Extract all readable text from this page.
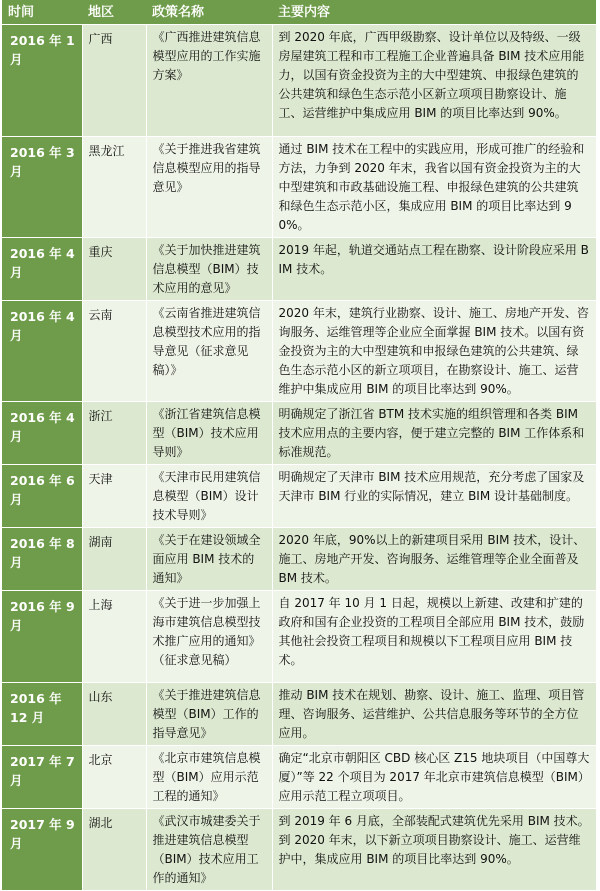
时间	地区	政策名称	主要内容
2016 年 1 月	广西	《广西推进建筑信息模型应用的工作实施方案》	到 2020 年底，广西甲级勘察、设计单位以及特级、一级房屋建筑工程和市工程施工企业普遍具备 BIM 技术应用能力，以国有资金投资为主的大中型建筑、申报绿色建筑的公共建筑和绿色生态示范小区新立项项目勘察设计、施工、运营维护中集成应用 BIM 的项目比率达到 90%。
2016 年 3 月	黑龙江	《关于推进我省建筑信息模型应用的指导意见》	通过 BIM 技术在工程中的实践应用，形成可推广的经验和方法，力争到 2020 年末，我省以国有资金投资为主的大中型建筑和市政基础设施工程、申报绿色建筑的公共建筑和绿色生态示范小区，集成应用 BIM 的项目比率达到 90%。
2016 年 4 月	重庆	《关于加快推进建筑信息模型（BIM）技术应用的意见》	2019 年起，轨道交通站点工程在勘察、设计阶段应采用 BIM 技术。
2016 年 4 月	云南	《云南省推进建筑信息模型技术应用的指导意见（征求意见稿）》	2020 年末，建筑行业勘察、设计、施工、房地产开发、咨询服务、运维管理等企业应全面掌握 BIM 技术。以国有资金投资为主的大中型建筑和申报绿色建筑的公共建筑、绿色生态示范小区的新立项项目，在勘察设计、施工、运营维护中集成应用 BIM 的项目比率达到 90%。
2016 年 4 月	浙江	《浙江省建筑信息模型（BIM）技术应用导则》	明确规定了浙江省 BTM 技术实施的组织管理和各类 BIM 技术应用点的主要内容，便于建立完整的 BIM 工作体系和标准规范。
2016 年 6 月	天津	《天津市民用建筑信息模型（BIM）设计技术导则》	明确规定了天津市 BIM 技术应用规范，充分考虑了国家及天津市 BIM 行业的实际情况，建立 BIM 设计基础制度。
2016 年 8 月	湖南	《关于在建设领域全面应用 BIM 技术的通知》	2020 年底，90%以上的新建项目采用 BIM 技术，设计、施工、房地产开发、咨询服务、运维管理等企业全面普及 BM 技术。
2016 年 9 月	上海	《关于进一步加强上海市建筑信息模型技术推广应用的通知》（征求意见稿）	自 2017 年 10 月 1 日起，规模以上新建、改建和扩建的政府和国有企业投资的工程项目全部应用 BIM 技术，鼓励其他社会投资工程项目和规模以下工程项目应用 BIM 技术。
2016 年 12 月	山东	《关于推进建筑信息模型（BIM）工作的指导意见》	推动 BIM 技术在规划、勘察、设计、施工、监理、项目管理、咨询服务、运营维护、公共信息服务等环节的全方位应用。
2017 年 7 月	北京	《北京市建筑信息模型（BIM）应用示范工程的通知》	确定“北京市朝阳区 CBD 核心区 Z15 地块项目（中国尊大厦）”等 22 个项目为 2017 年北京市建筑信息模型（BIM）应用示范工程立项项目。
2017 年 9 月	湖北	《武汉市城建委关于推进建筑信息模型（BIM）技术应用工作的通知》	到 2019 年 6 月底，全部装配式建筑优先采用 BIM 技术。到 2020 年末，以下新立项项目勘察设计、施工、运营维护中，集成应用 BIM 的项目比率达到 90%。
